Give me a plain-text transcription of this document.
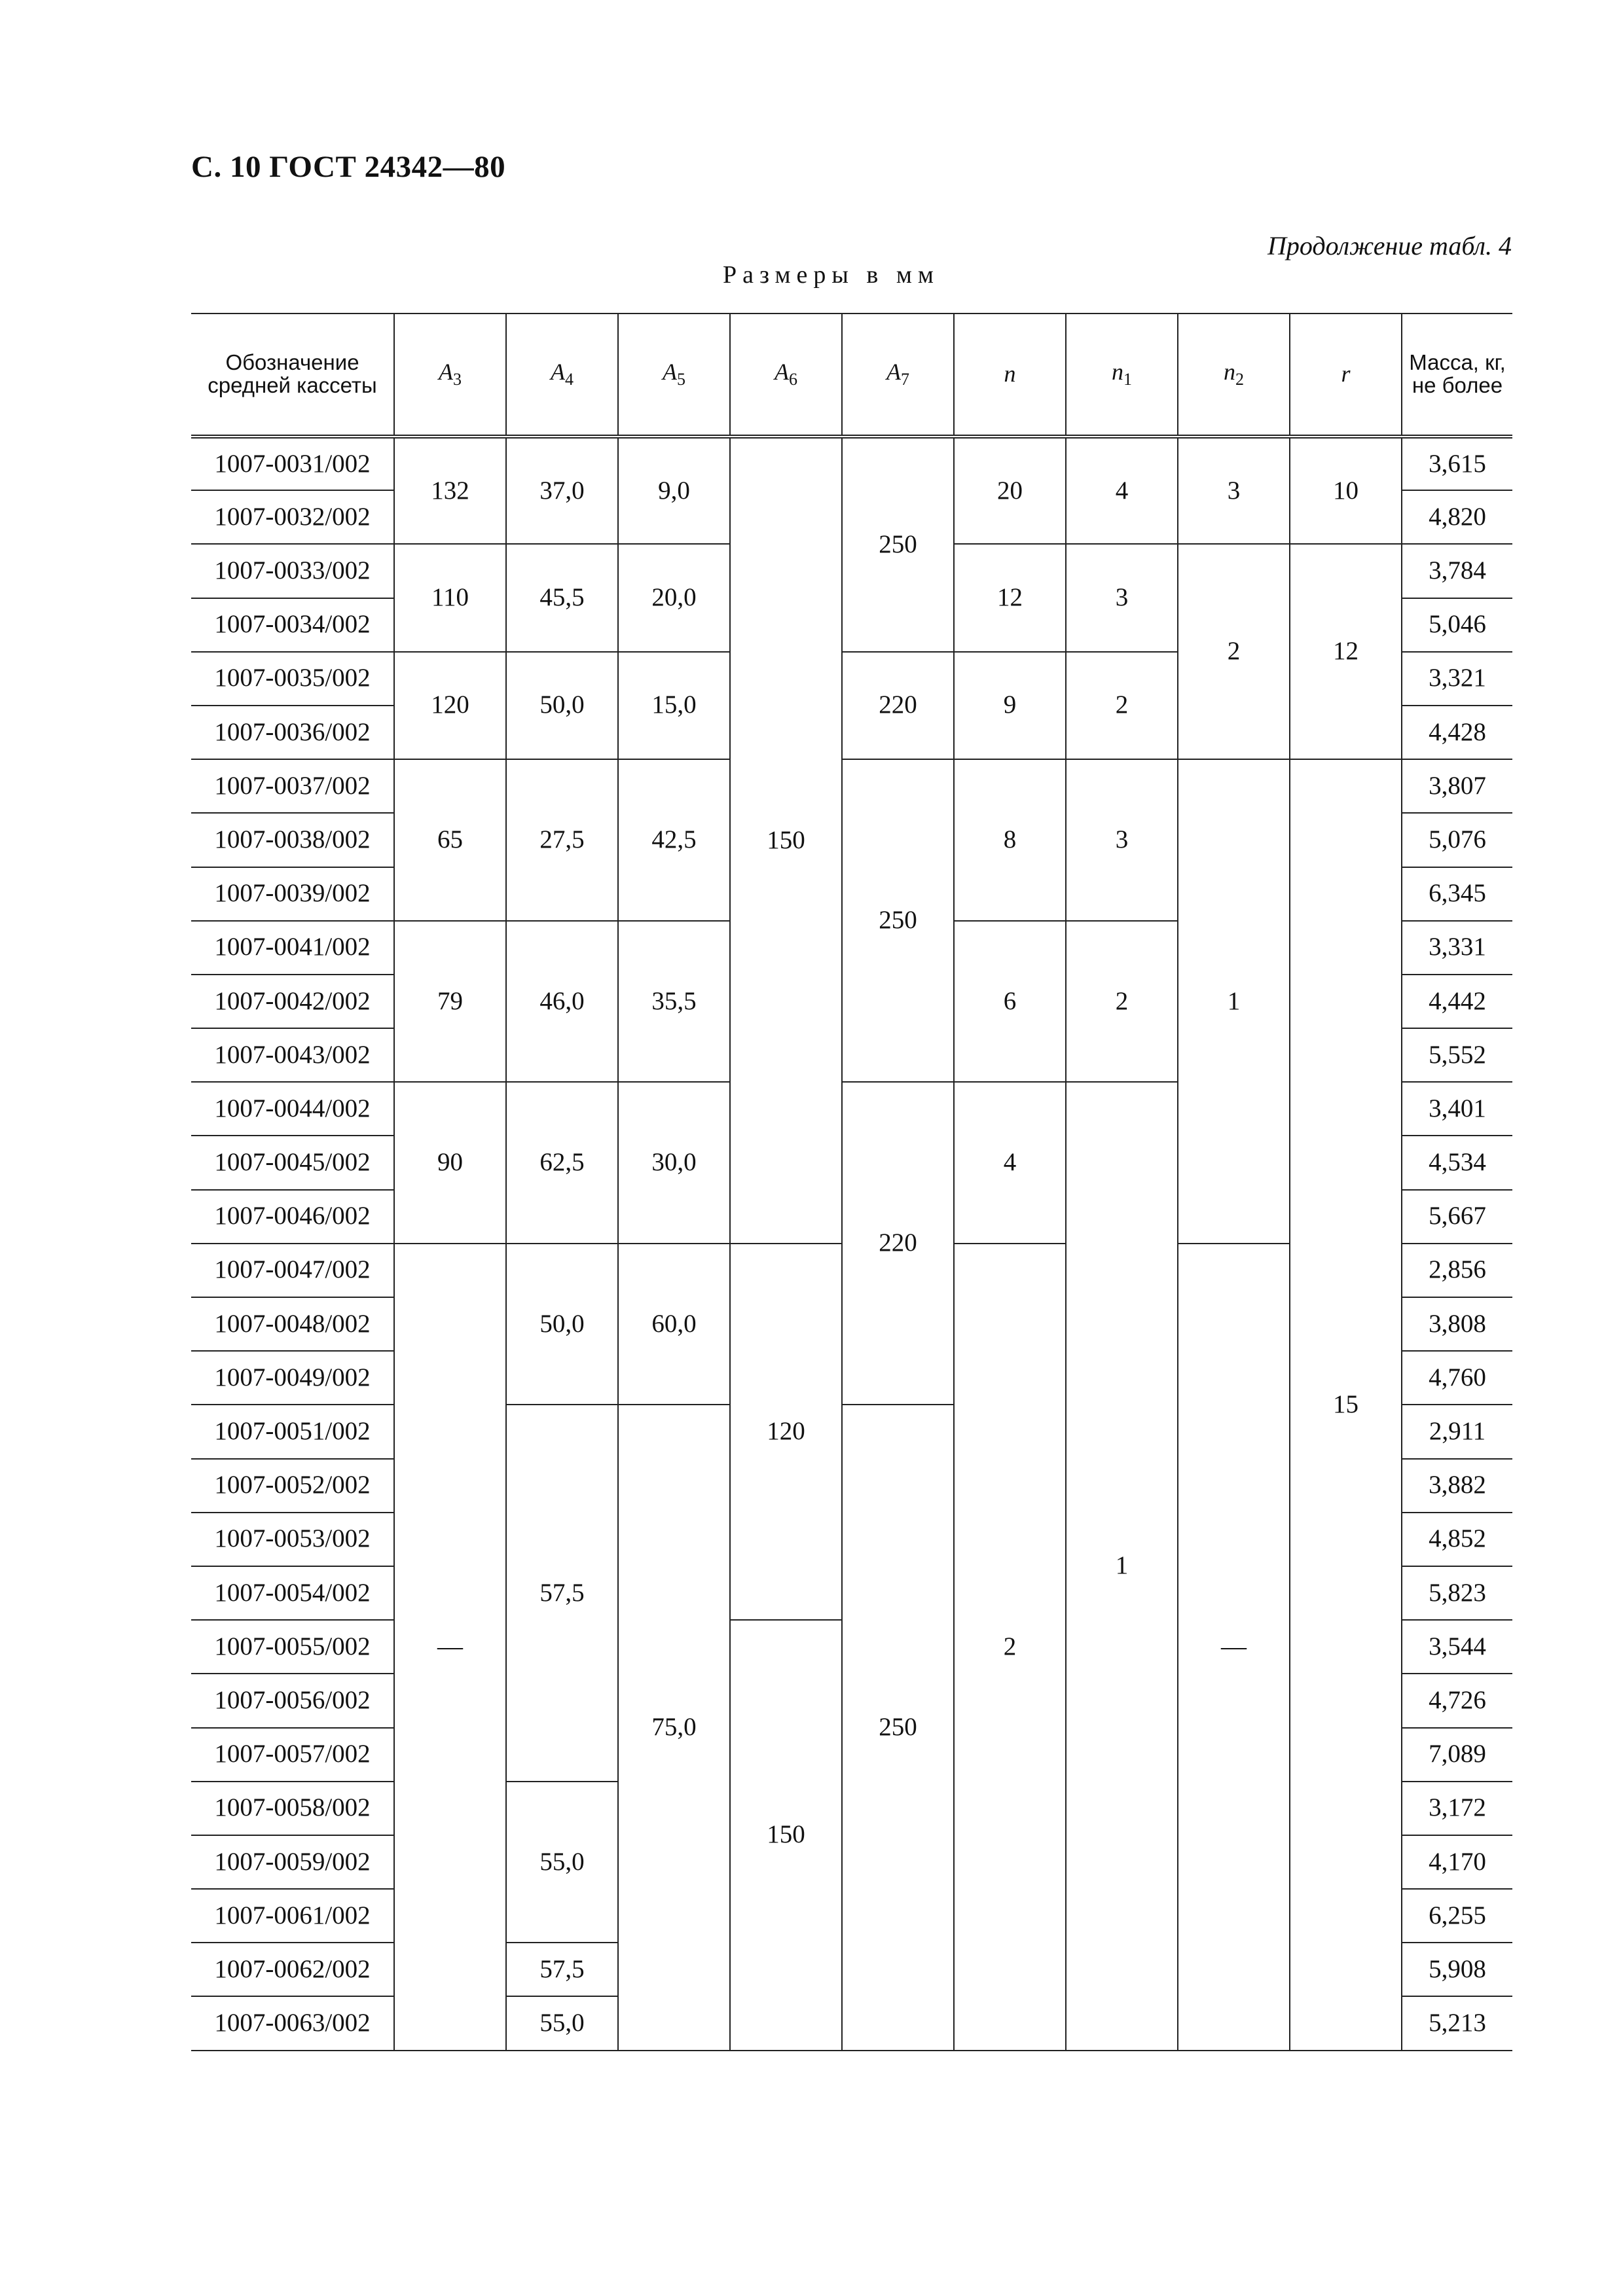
С. 10 ГОСТ 24342—80
Продолжение табл. 4
Размеры в мм
Обозначение средней кассеты	$A_3$	$A_4$	$A_5$	$A_6$	$A_7$	n	$n_1$	$n_2$	r	Масса, кг, не более
1007-0031/002	132	37,0	9,0	150	250	20	4	3	10	3,615
1007-0032/002										4,820
1007-0033/002	110	45,5	20,0			12	3	2	12	3,784
1007-0034/002										5,046
1007-0035/002	120	50,0	15,0		220	9	2			3,321
1007-0036/002										4,428
1007-0037/002	65	27,5	42,5		250	8	3	1	15	3,807
1007-0038/002										5,076
1007-0039/002										6,345
1007-0041/002	79	46,0	35,5			6	2			3,331
1007-0042/002										4,442
1007-0043/002										5,552
1007-0044/002	90	62,5	30,0		220	4	1			3,401
1007-0045/002										4,534
1007-0046/002										5,667
1007-0047/002	—	50,0	60,0	120		2		—		2,856
1007-0048/002										3,808
1007-0049/002										4,760
1007-0051/002		57,5	75,0		250					2,911
1007-0052/002										3,882
1007-0053/002										4,852
1007-0054/002										5,823
1007-0055/002				150						3,544
1007-0056/002										4,726
1007-0057/002										7,089
1007-0058/002		55,0								3,172
1007-0059/002										4,170
1007-0061/002										6,255
1007-0062/002		57,5								5,908
1007-0063/002		55,0								5,213
